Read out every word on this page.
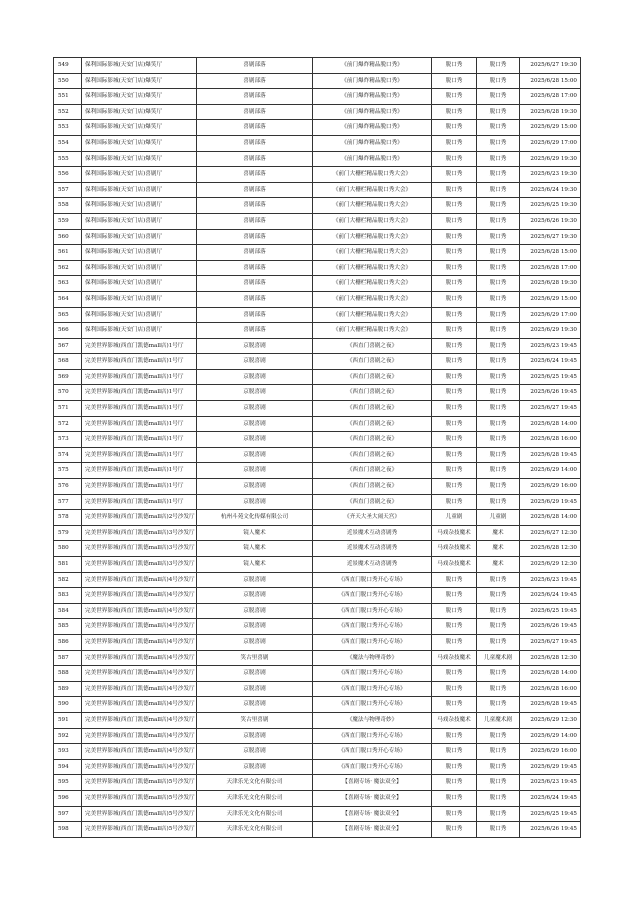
549	保利国际影城(天安门店)爆笑厅	喜剧部落	《前门爆炸精品脱口秀》	脱口秀	脱口秀	2025/6/27 19:30
550	保利国际影城(天安门店)爆笑厅	喜剧部落	《前门爆炸精品脱口秀》	脱口秀	脱口秀	2025/6/28 15:00
551	保利国际影城(天安门店)爆笑厅	喜剧部落	《前门爆炸精品脱口秀》	脱口秀	脱口秀	2025/6/28 17:00
552	保利国际影城(天安门店)爆笑厅	喜剧部落	《前门爆炸精品脱口秀》	脱口秀	脱口秀	2025/6/28 19:30
553	保利国际影城(天安门店)爆笑厅	喜剧部落	《前门爆炸精品脱口秀》	脱口秀	脱口秀	2025/6/29 15:00
554	保利国际影城(天安门店)爆笑厅	喜剧部落	《前门爆炸精品脱口秀》	脱口秀	脱口秀	2025/6/29 17:00
555	保利国际影城(天安门店)爆笑厅	喜剧部落	《前门爆炸精品脱口秀》	脱口秀	脱口秀	2025/6/29 19:30
556	保利国际影城(天安门店)喜剧厅	喜剧部落	《前门大栅栏精品脱口秀大会》	脱口秀	脱口秀	2025/6/23 19:30
557	保利国际影城(天安门店)喜剧厅	喜剧部落	《前门大栅栏精品脱口秀大会》	脱口秀	脱口秀	2025/6/24 19:30
558	保利国际影城(天安门店)喜剧厅	喜剧部落	《前门大栅栏精品脱口秀大会》	脱口秀	脱口秀	2025/6/25 19:30
559	保利国际影城(天安门店)喜剧厅	喜剧部落	《前门大栅栏精品脱口秀大会》	脱口秀	脱口秀	2025/6/26 19:30
560	保利国际影城(天安门店)喜剧厅	喜剧部落	《前门大栅栏精品脱口秀大会》	脱口秀	脱口秀	2025/6/27 19:30
561	保利国际影城(天安门店)喜剧厅	喜剧部落	《前门大栅栏精品脱口秀大会》	脱口秀	脱口秀	2025/6/28 15:00
562	保利国际影城(天安门店)喜剧厅	喜剧部落	《前门大栅栏精品脱口秀大会》	脱口秀	脱口秀	2025/6/28 17:00
563	保利国际影城(天安门店)喜剧厅	喜剧部落	《前门大栅栏精品脱口秀大会》	脱口秀	脱口秀	2025/6/28 19:30
564	保利国际影城(天安门店)喜剧厅	喜剧部落	《前门大栅栏精品脱口秀大会》	脱口秀	脱口秀	2025/6/29 15:00
565	保利国际影城(天安门店)喜剧厅	喜剧部落	《前门大栅栏精品脱口秀大会》	脱口秀	脱口秀	2025/6/29 17:00
566	保利国际影城(天安门店)喜剧厅	喜剧部落	《前门大栅栏精品脱口秀大会》	脱口秀	脱口秀	2025/6/29 19:30
567	完美世界影城(西直门凯德mall店)1号厅	京脱喜剧	《西直门喜剧之夜》	脱口秀	脱口秀	2025/6/23 19:45
568	完美世界影城(西直门凯德mall店)1号厅	京脱喜剧	《西直门喜剧之夜》	脱口秀	脱口秀	2025/6/24 19:45
569	完美世界影城(西直门凯德mall店)1号厅	京脱喜剧	《西直门喜剧之夜》	脱口秀	脱口秀	2025/6/25 19:45
570	完美世界影城(西直门凯德mall店)1号厅	京脱喜剧	《西直门喜剧之夜》	脱口秀	脱口秀	2025/6/26 19:45
571	完美世界影城(西直门凯德mall店)1号厅	京脱喜剧	《西直门喜剧之夜》	脱口秀	脱口秀	2025/6/27 19:45
572	完美世界影城(西直门凯德mall店)1号厅	京脱喜剧	《西直门喜剧之夜》	脱口秀	脱口秀	2025/6/28 14:00
573	完美世界影城(西直门凯德mall店)1号厅	京脱喜剧	《西直门喜剧之夜》	脱口秀	脱口秀	2025/6/28 16:00
574	完美世界影城(西直门凯德mall店)1号厅	京脱喜剧	《西直门喜剧之夜》	脱口秀	脱口秀	2025/6/28 19:45
575	完美世界影城(西直门凯德mall店)1号厅	京脱喜剧	《西直门喜剧之夜》	脱口秀	脱口秀	2025/6/29 14:00
576	完美世界影城(西直门凯德mall店)1号厅	京脱喜剧	《西直门喜剧之夜》	脱口秀	脱口秀	2025/6/29 16:00
577	完美世界影城(西直门凯德mall店)1号厅	京脱喜剧	《西直门喜剧之夜》	脱口秀	脱口秀	2025/6/29 19:45
578	完美世界影城(西直门凯德mall店)2号沙发厅	杭州斗苑文化传媒有限公司	《齐天大圣大闹天宫》	儿童剧	儿童剧	2025/6/28 14:00
579	完美世界影城(西直门凯德mall店)3号沙发厅	镜人魔术	近景魔术互动喜剧秀	马戏杂技魔术	魔术	2025/6/27 12:30
580	完美世界影城(西直门凯德mall店)3号沙发厅	镜人魔术	近景魔术互动喜剧秀	马戏杂技魔术	魔术	2025/6/28 12:30
581	完美世界影城(西直门凯德mall店)3号沙发厅	镜人魔术	近景魔术互动喜剧秀	马戏杂技魔术	魔术	2025/6/29 12:30
582	完美世界影城(西直门凯德mall店)4号沙发厅	京脱喜剧	《西直门脱口秀开心专场》	脱口秀	脱口秀	2025/6/23 19:45
583	完美世界影城(西直门凯德mall店)4号沙发厅	京脱喜剧	《西直门脱口秀开心专场》	脱口秀	脱口秀	2025/6/24 19:45
584	完美世界影城(西直门凯德mall店)4号沙发厅	京脱喜剧	《西直门脱口秀开心专场》	脱口秀	脱口秀	2025/6/25 19:45
585	完美世界影城(西直门凯德mall店)4号沙发厅	京脱喜剧	《西直门脱口秀开心专场》	脱口秀	脱口秀	2025/6/26 19:45
586	完美世界影城(西直门凯德mall店)4号沙发厅	京脱喜剧	《西直门脱口秀开心专场》	脱口秀	脱口秀	2025/6/27 19:45
587	完美世界影城(西直门凯德mall店)4号沙发厅	笑古里喜剧	《魔法与物理奇妙》	马戏杂技魔术	儿童魔术剧	2025/6/28 12:30
588	完美世界影城(西直门凯德mall店)4号沙发厅	京脱喜剧	《西直门脱口秀开心专场》	脱口秀	脱口秀	2025/6/28 14:00
589	完美世界影城(西直门凯德mall店)4号沙发厅	京脱喜剧	《西直门脱口秀开心专场》	脱口秀	脱口秀	2025/6/28 16:00
590	完美世界影城(西直门凯德mall店)4号沙发厅	京脱喜剧	《西直门脱口秀开心专场》	脱口秀	脱口秀	2025/6/28 19:45
591	完美世界影城(西直门凯德mall店)4号沙发厅	笑古里喜剧	《魔法与物理奇妙》	马戏杂技魔术	儿童魔术剧	2025/6/29 12:30
592	完美世界影城(西直门凯德mall店)4号沙发厅	京脱喜剧	《西直门脱口秀开心专场》	脱口秀	脱口秀	2025/6/29 14:00
593	完美世界影城(西直门凯德mall店)4号沙发厅	京脱喜剧	《西直门脱口秀开心专场》	脱口秀	脱口秀	2025/6/29 16:00
594	完美世界影城(西直门凯德mall店)4号沙发厅	京脱喜剧	《西直门脱口秀开心专场》	脱口秀	脱口秀	2025/6/29 19:45
595	完美世界影城(西直门凯德mall店)5号沙发厅	天津乐光文化有限公司	【喜剧专场· 魔法双全】	脱口秀	脱口秀	2025/6/23 19:45
596	完美世界影城(西直门凯德mall店)5号沙发厅	天津乐光文化有限公司	【喜剧专场· 魔法双全】	脱口秀	脱口秀	2025/6/24 19:45
597	完美世界影城(西直门凯德mall店)5号沙发厅	天津乐光文化有限公司	【喜剧专场· 魔法双全】	脱口秀	脱口秀	2025/6/25 19:45
598	完美世界影城(西直门凯德mall店)5号沙发厅	天津乐光文化有限公司	【喜剧专场· 魔法双全】	脱口秀	脱口秀	2025/6/26 19:45
